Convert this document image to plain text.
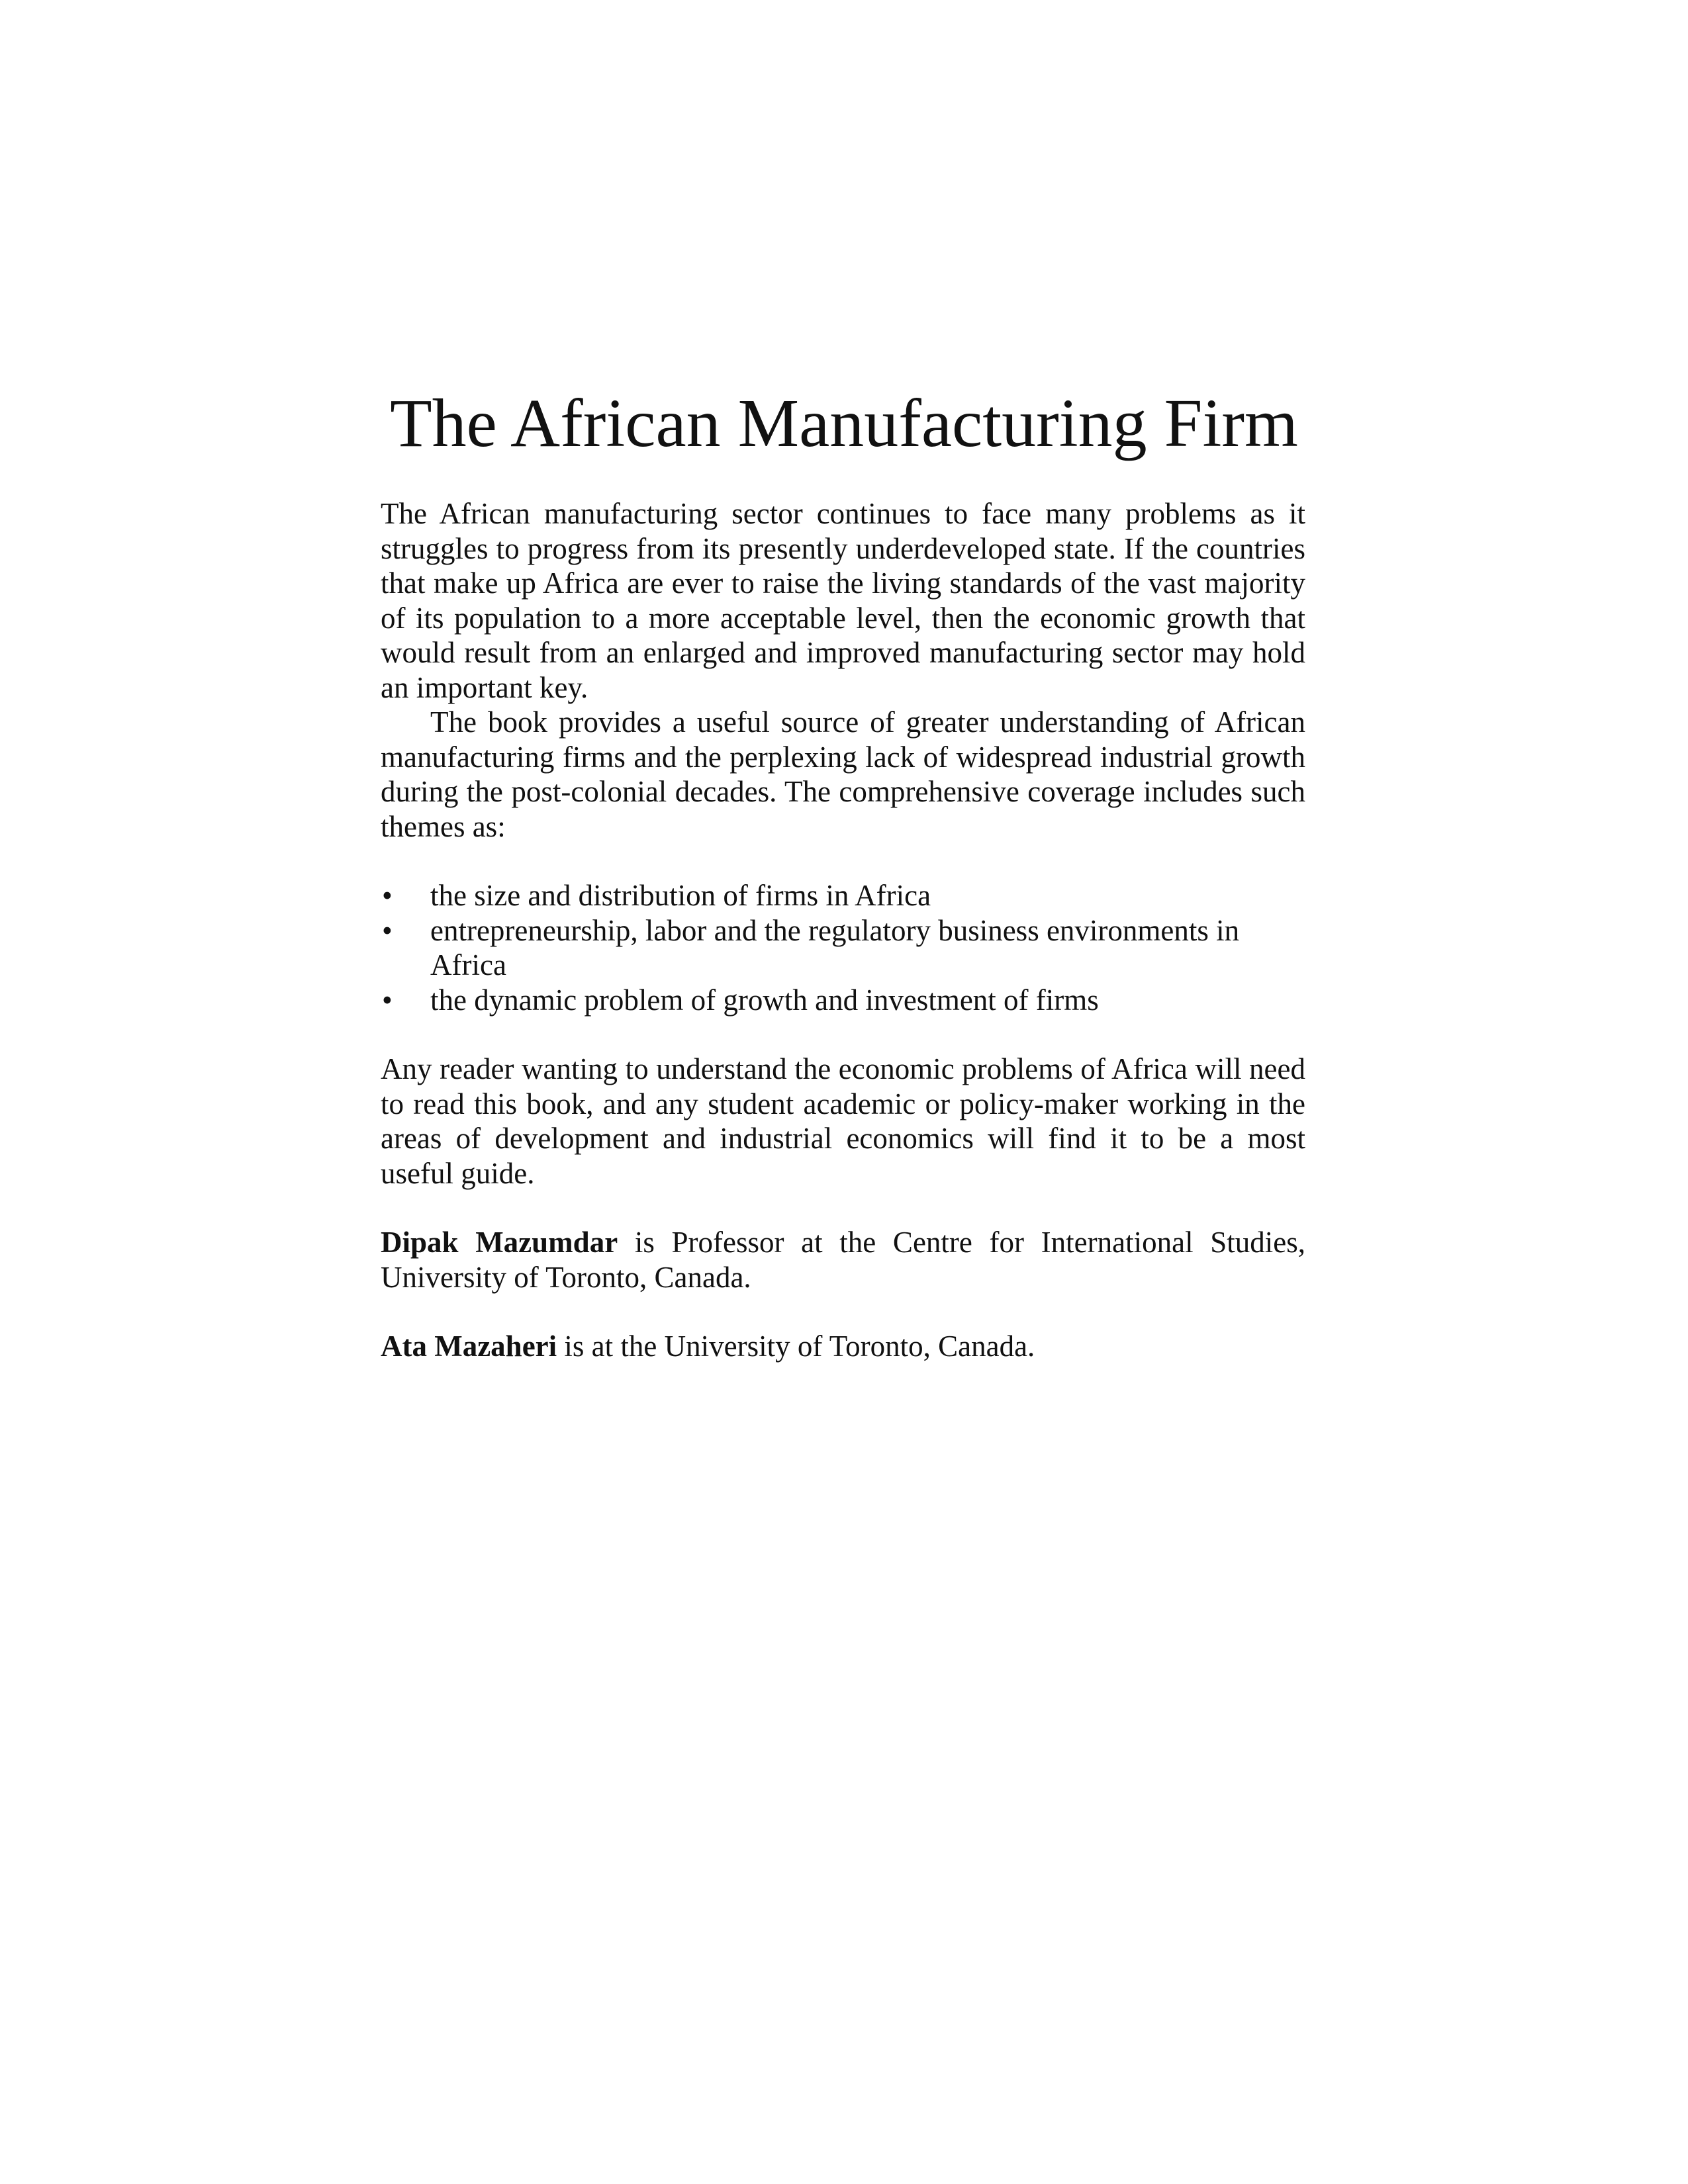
The African Manufacturing Firm

The African manufacturing sector continues to face many problems as it struggles to progress from its presently underdeveloped state. If the countries that make up Africa are ever to raise the living standards of the vast majority of its population to a more acceptable level, then the economic growth that would result from an enlarged and improved manufacturing sector may hold an important key.

The book provides a useful source of greater understanding of African manufacturing firms and the perplexing lack of widespread industrial growth during the post-colonial decades. The comprehensive coverage includes such themes as:

• the size and distribution of firms in Africa
• entrepreneurship, labor and the regulatory business environments in Africa
• the dynamic problem of growth and investment of firms

Any reader wanting to understand the economic problems of Africa will need to read this book, and any student academic or policy-maker working in the areas of development and industrial economics will find it to be a most useful guide.

Dipak Mazumdar is Professor at the Centre for International Studies, University of Toronto, Canada.

Ata Mazaheri is at the University of Toronto, Canada.
